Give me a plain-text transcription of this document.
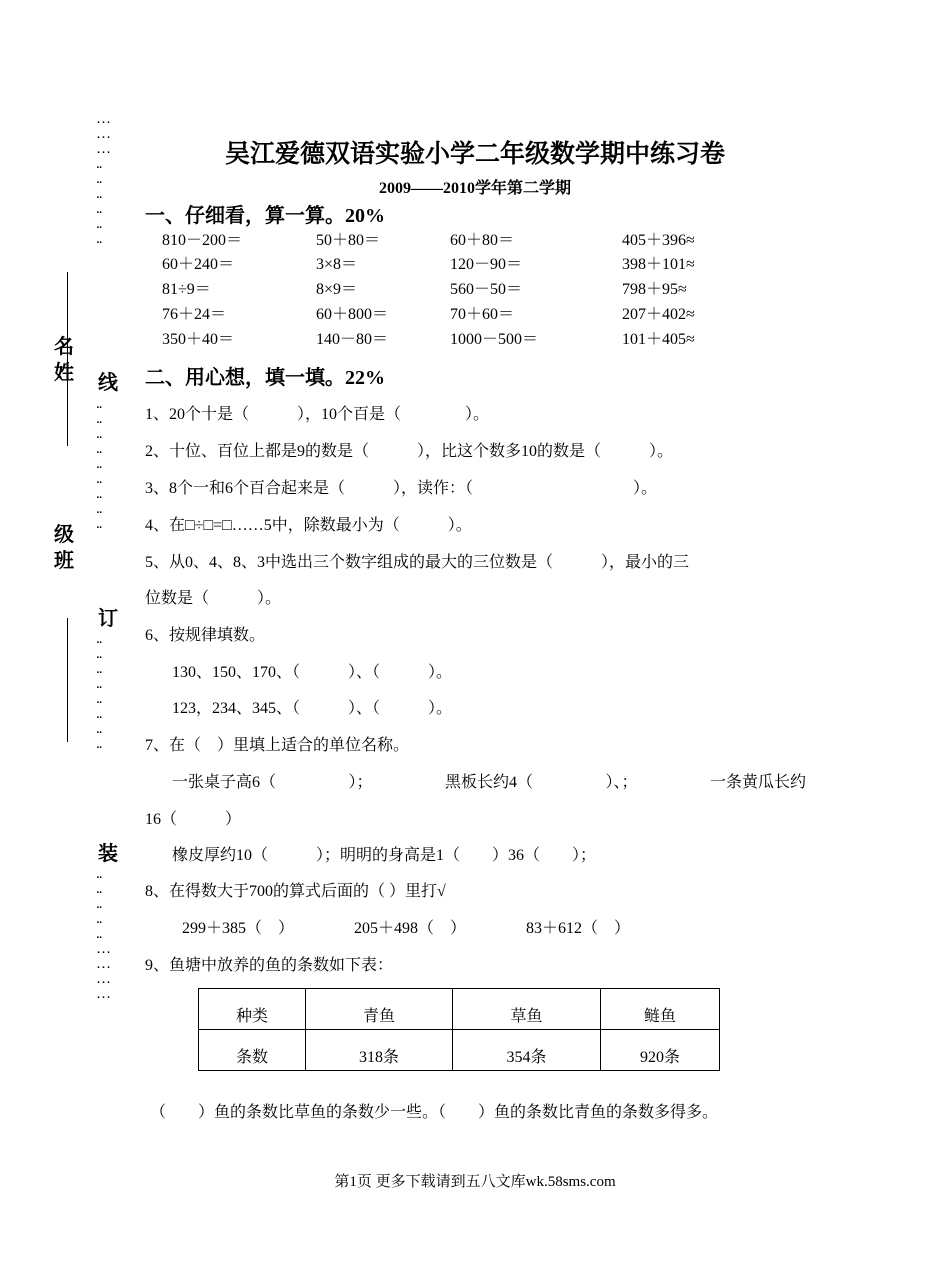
…
…
…
..
..
..
..
..
..
线
..
..
..
..
..
..
..
..
..
订
..
..
..
..
..
..
..
..
装
..
..
..
..
..
…
…
…
…
名
姓
级
班
吴江爱德双语实验小学二年级数学期中练习卷
2009——2010学年第二学期
一、仔细看，算一算。20%
810－200＝	50＋80＝	60＋80＝	405＋396≈
60＋240＝	3×8＝	120－90＝	398＋101≈
81÷9＝	8×9＝	560－50＝	798＋95≈
76＋24＝	60＋800＝	70＋60＝	207＋402≈
350＋40＝	140－80＝	1000－500＝	101＋405≈
二、用心想，填一填。22%
1、20个十是（　　　），10个百是（　　　　）。
2、十位、百位上都是9的数是（　　　），比这个数多10的数是（　　　）。
3、8个一和6个百合起来是（　　　），读作：（　　　　　　　　　　）。
4、在□÷□=□……5中，除数最小为（　　　）。
5、从0、4、8、3中选出三个数字组成的最大的三位数是（　　　），最小的三
位数是（　　　）。
6、按规律填数。
130、150、170、（　　　）、（　　　）。
123，234、345、（　　　）、（　　　）。
7、在（　）里填上适合的单位名称。
一张桌子高6（	）；	黑板长约4（	）、；	一条黄瓜长约
16（　　　）
橡皮厚约10（　　　）；明明的身高是1（　　）36（　　）；
8、在得数大于700的算式后面的（ ）里打√
299＋385（　）	205＋498（　）	83＋612（　）
9、鱼塘中放养的鱼的条数如下表：
种类	青鱼	草鱼	鲢鱼
条数	318条	354条	920条
（　　）鱼的条数比草鱼的条数少一些。（　　）鱼的条数比青鱼的条数多得多。
第1页 更多下载请到五八文库wk.58sms.com
